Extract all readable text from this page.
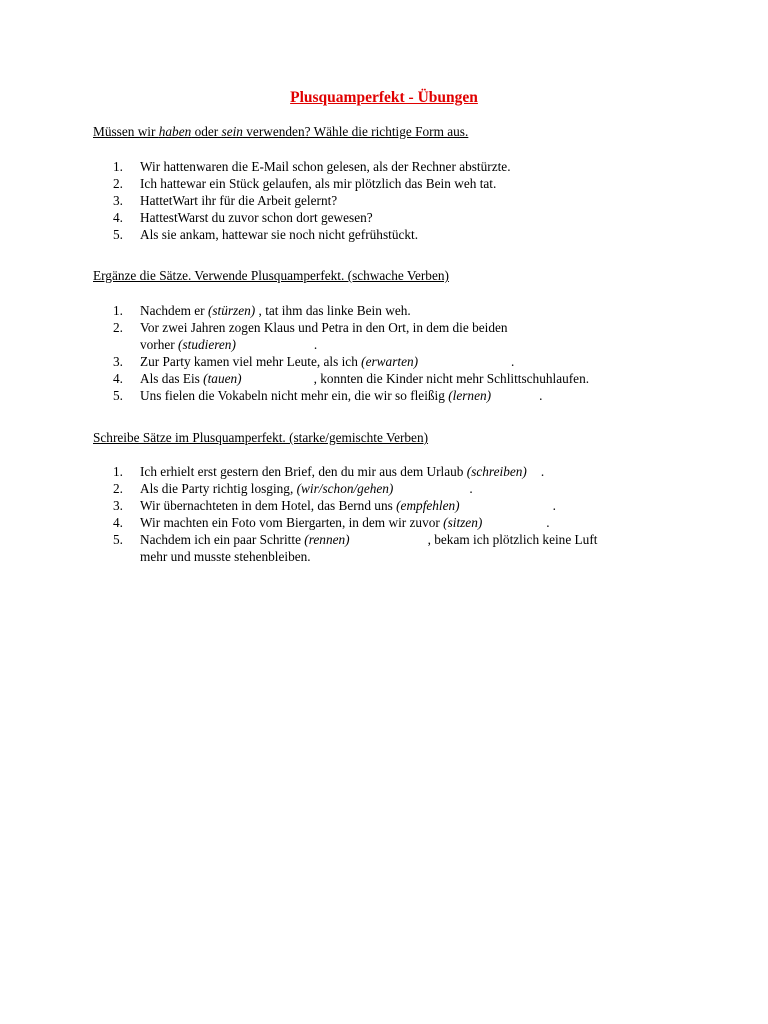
Plusquamperfekt - Übungen
Müssen wir haben oder sein verwenden? Wähle die richtige Form aus.
1. Wir hattenwaren die E-Mail schon gelesen, als der Rechner abstürzte.
2. Ich hattewar ein Stück gelaufen, als mir plötzlich das Bein weh tat.
3. HattetWart ihr für die Arbeit gelernt?
4. HattestWarst du zuvor schon dort gewesen?
5. Als sie ankam, hattewar sie noch nicht gefrühstückt.
Ergänze die Sätze. Verwende Plusquamperfekt. (schwache Verben)
1. Nachdem er (stürzen) , tat ihm das linke Bein weh.
2. Vor zwei Jahren zogen Klaus und Petra in den Ort, in dem die beiden
vorher (studieren)	.
3. Zur Party kamen viel mehr Leute, als ich (erwarten)	.
4. Als das Eis (tauen)	, konnten die Kinder nicht mehr Schlittschuhlaufen.
5. Uns fielen die Vokabeln nicht mehr ein, die wir so fleißig (lernen)	.
Schreibe Sätze im Plusquamperfekt. (starke/gemischte Verben)
1. Ich erhielt erst gestern den Brief, den du mir aus dem Urlaub (schreiben) .
2. Als die Party richtig losging, (wir/schon/gehen)	.
3. Wir übernachteten in dem Hotel, das Bernd uns (empfehlen)	.
4. Wir machten ein Foto vom Biergarten, in dem wir zuvor (sitzen)	.
5. Nachdem ich ein paar Schritte (rennen)	, bekam ich plötzlich keine Luft
mehr und musste stehenbleiben.
